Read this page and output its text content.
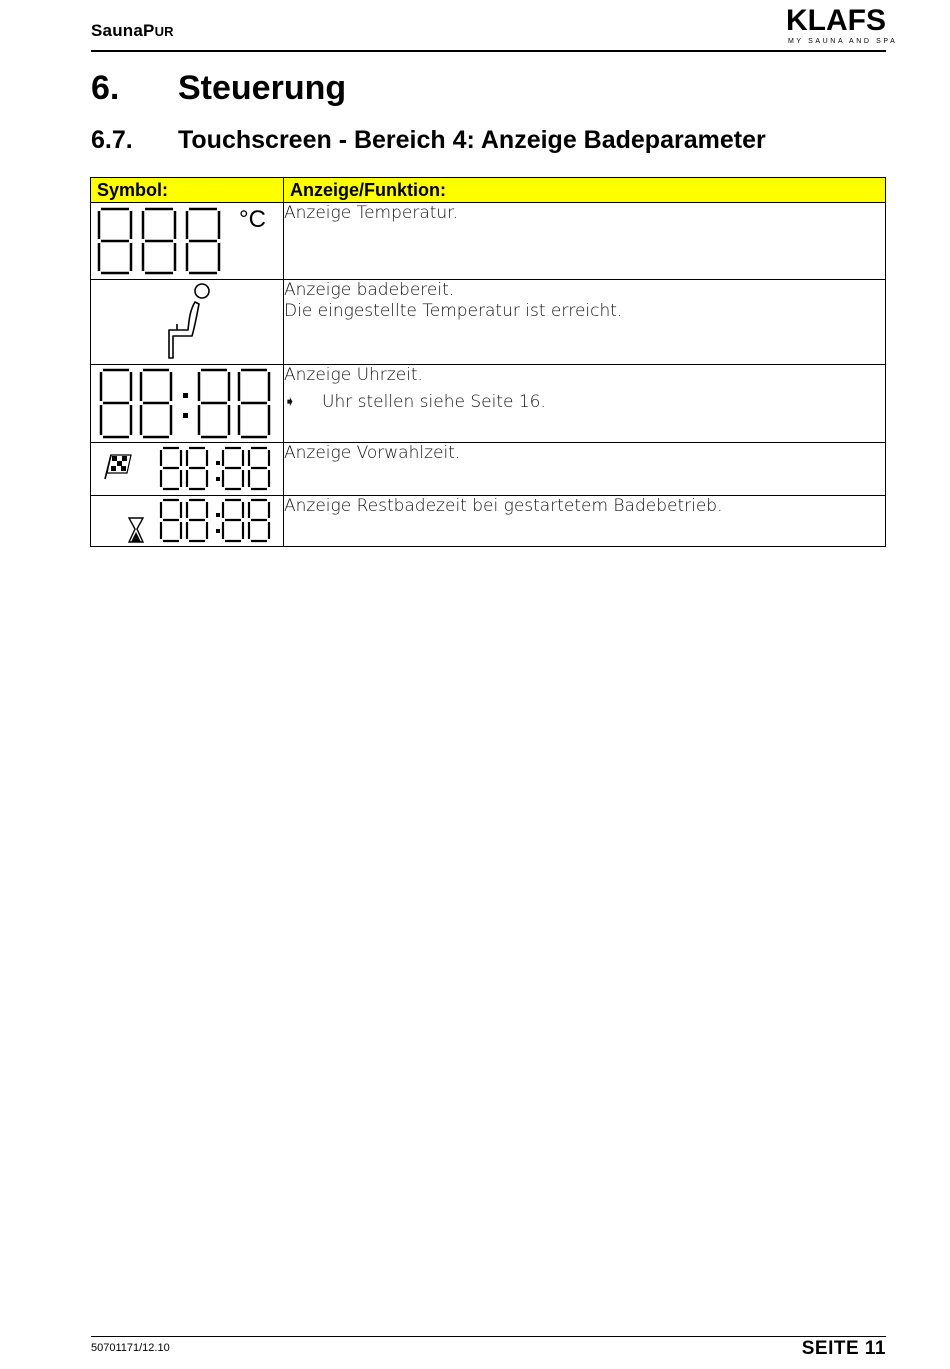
SaunaPUR	KLAFS
MY SAUNA AND SPA
6. Steuerung
6.7. Touchscreen - Bereich 4: Anzeige Badeparameter
Symbol:	Anzeige/Funktion:

°C	Anzeige Temperatur.

Anzeige badebereit.
Die eingestellte Temperatur ist erreicht.

Anzeige Uhrzeit.
➧ Uhr stellen siehe Seite 16.

Anzeige Vorwahlzeit.

Anzeige Restbadezeit bei gestartetem Badebetrieb.
50701171/12.10	SEITE 11
